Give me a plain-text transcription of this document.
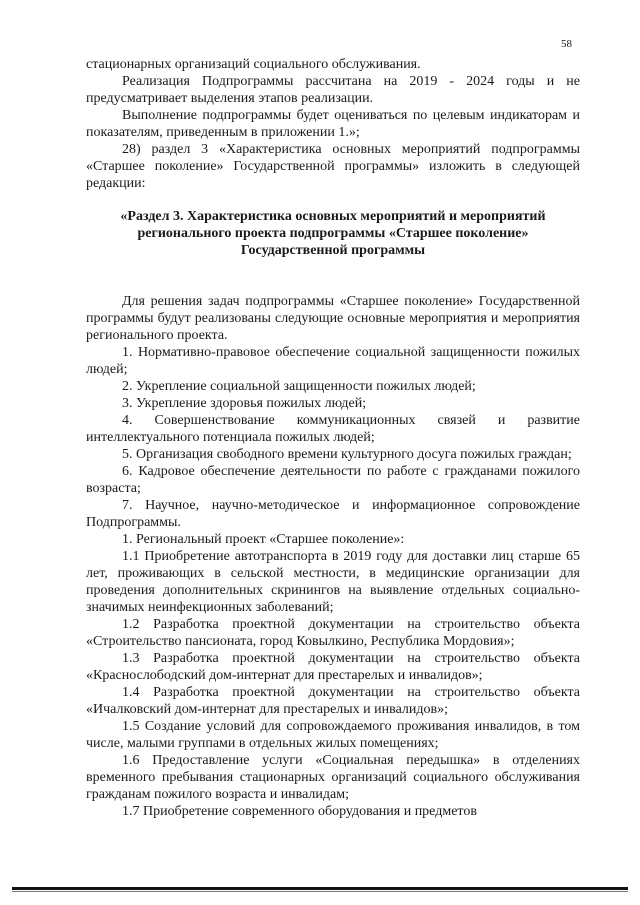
58

стационарных организаций социального обслуживания.

Реализация Подпрограммы рассчитана на 2019 - 2024 годы и не предусматривает выделения этапов реализации.

Выполнение подпрограммы будет оцениваться по целевым индикаторам и показателям, приведенным в приложении 1.»;

28) раздел 3 «Характеристика основных мероприятий подпрограммы «Старшее поколение» Государственной программы» изложить в следующей редакции:

«Раздел 3. Характеристика основных мероприятий и мероприятий регионального проекта подпрограммы «Старшее поколение» Государственной программы

Для решения задач подпрограммы «Старшее поколение» Государственной программы будут реализованы следующие основные мероприятия и мероприятия регионального проекта.

1. Нормативно-правовое обеспечение социальной защищенности пожилых людей;

2. Укрепление социальной защищенности пожилых людей;

3. Укрепление здоровья пожилых людей;

4. Совершенствование коммуникационных связей и развитие интеллектуального потенциала пожилых людей;

5. Организация свободного времени культурного досуга пожилых граждан;

6. Кадровое обеспечение деятельности по работе с гражданами пожилого возраста;

7. Научное, научно-методическое и информационное сопровождение Подпрограммы.

1. Региональный проект «Старшее поколение»:

1.1 Приобретение автотранспорта в 2019 году для доставки лиц старше 65 лет, проживающих в сельской местности, в медицинские организации для проведения дополнительных скринингов на выявление отдельных социально-значимых неинфекционных заболеваний;

1.2 Разработка проектной документации на строительство объекта «Строительство пансионата, город Ковылкино, Республика Мордовия»;

1.3 Разработка проектной документации на строительство объекта «Краснослободский дом-интернат для престарелых и инвалидов»;

1.4 Разработка проектной документации на строительство объекта «Ичалковский дом-интернат для престарелых и инвалидов»;

1.5 Создание условий для сопровождаемого проживания инвалидов, в том числе, малыми группами в отдельных жилых помещениях;

1.6 Предоставление услуги «Социальная передышка» в отделениях временного пребывания стационарных организаций социального обслуживания гражданам пожилого возраста и инвалидам;

1.7 Приобретение современного оборудования и предметов
